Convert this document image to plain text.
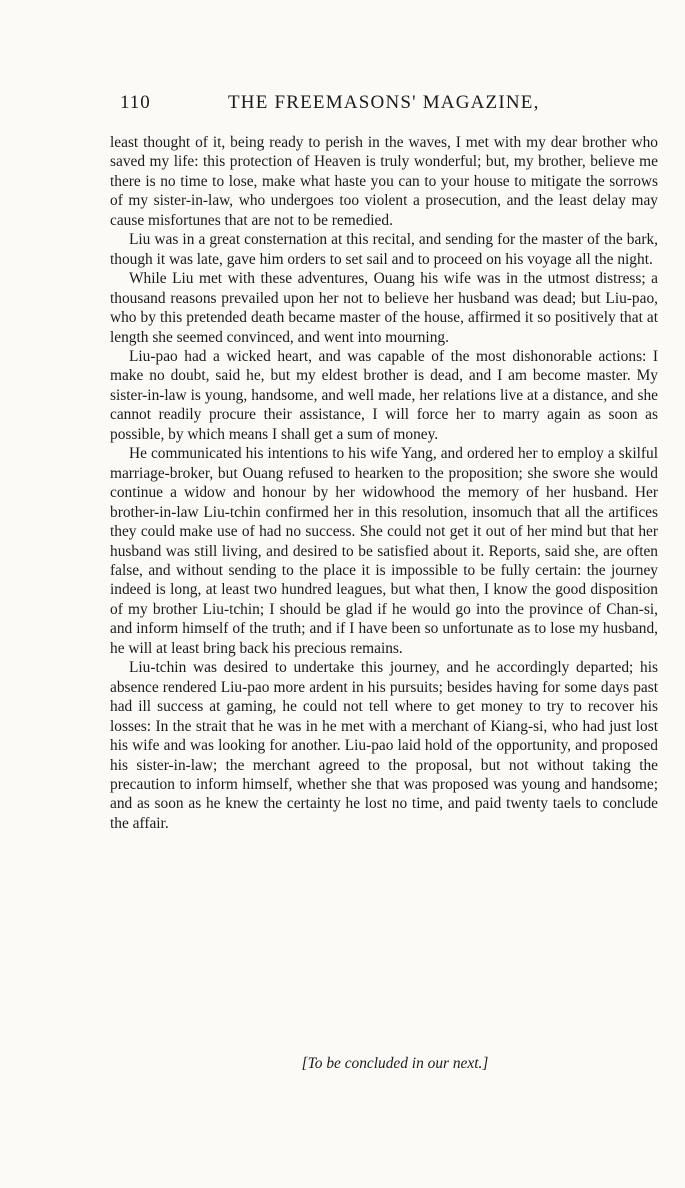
110	THE FREEMASONS' MAGAZINE,

least thought of it, being ready to perish in the waves, I met with my dear brother who saved my life: this protection of Heaven is truly wonderful; but, my brother, believe me there is no time to lose, make what haste you can to your house to mitigate the sorrows of my sister-in-law, who undergoes too violent a prosecution, and the least delay may cause misfortunes that are not to be remedied.

Liu was in a great consternation at this recital, and sending for the master of the bark, though it was late, gave him orders to set sail and to proceed on his voyage all the night.

While Liu met with these adventures, Ouang his wife was in the utmost distress; a thousand reasons prevailed upon her not to believe her husband was dead; but Liu-pao, who by this pretended death became master of the house, affirmed it so positively that at length she seemed convinced, and went into mourning.

Liu-pao had a wicked heart, and was capable of the most dishonorable actions: I make no doubt, said he, but my eldest brother is dead, and I am become master. My sister-in-law is young, handsome, and well made, her relations live at a distance, and she cannot readily procure their assistance, I will force her to marry again as soon as possible, by which means I shall get a sum of money.

He communicated his intentions to his wife Yang, and ordered her to employ a skilful marriage-broker, but Ouang refused to hearken to the proposition; she swore she would continue a widow and honour by her widowhood the memory of her husband. Her brother-in-law Liu-tchin confirmed her in this resolution, insomuch that all the artifices they could make use of had no success. She could not get it out of her mind but that her husband was still living, and desired to be satisfied about it. Reports, said she, are often false, and without sending to the place it is impossible to be fully certain: the journey indeed is long, at least two hundred leagues, but what then, I know the good disposition of my brother Liu-tchin; I should be glad if he would go into the province of Chan-si, and inform himself of the truth; and if I have been so unfortunate as to lose my husband, he will at least bring back his precious remains.

Liu-tchin was desired to undertake this journey, and he accordingly departed; his absence rendered Liu-pao more ardent in his pursuits; besides having for some days past had ill success at gaming, he could not tell where to get money to try to recover his losses: In the strait that he was in he met with a merchant of Kiang-si, who had just lost his wife and was looking for another. Liu-pao laid hold of the opportunity, and proposed his sister-in-law; the merchant agreed to the proposal, but not without taking the precaution to inform himself, whether she that was proposed was young and handsome; and as soon as he knew the certainty he lost no time, and paid twenty taels to conclude the affair.

[To be concluded in our next.]
